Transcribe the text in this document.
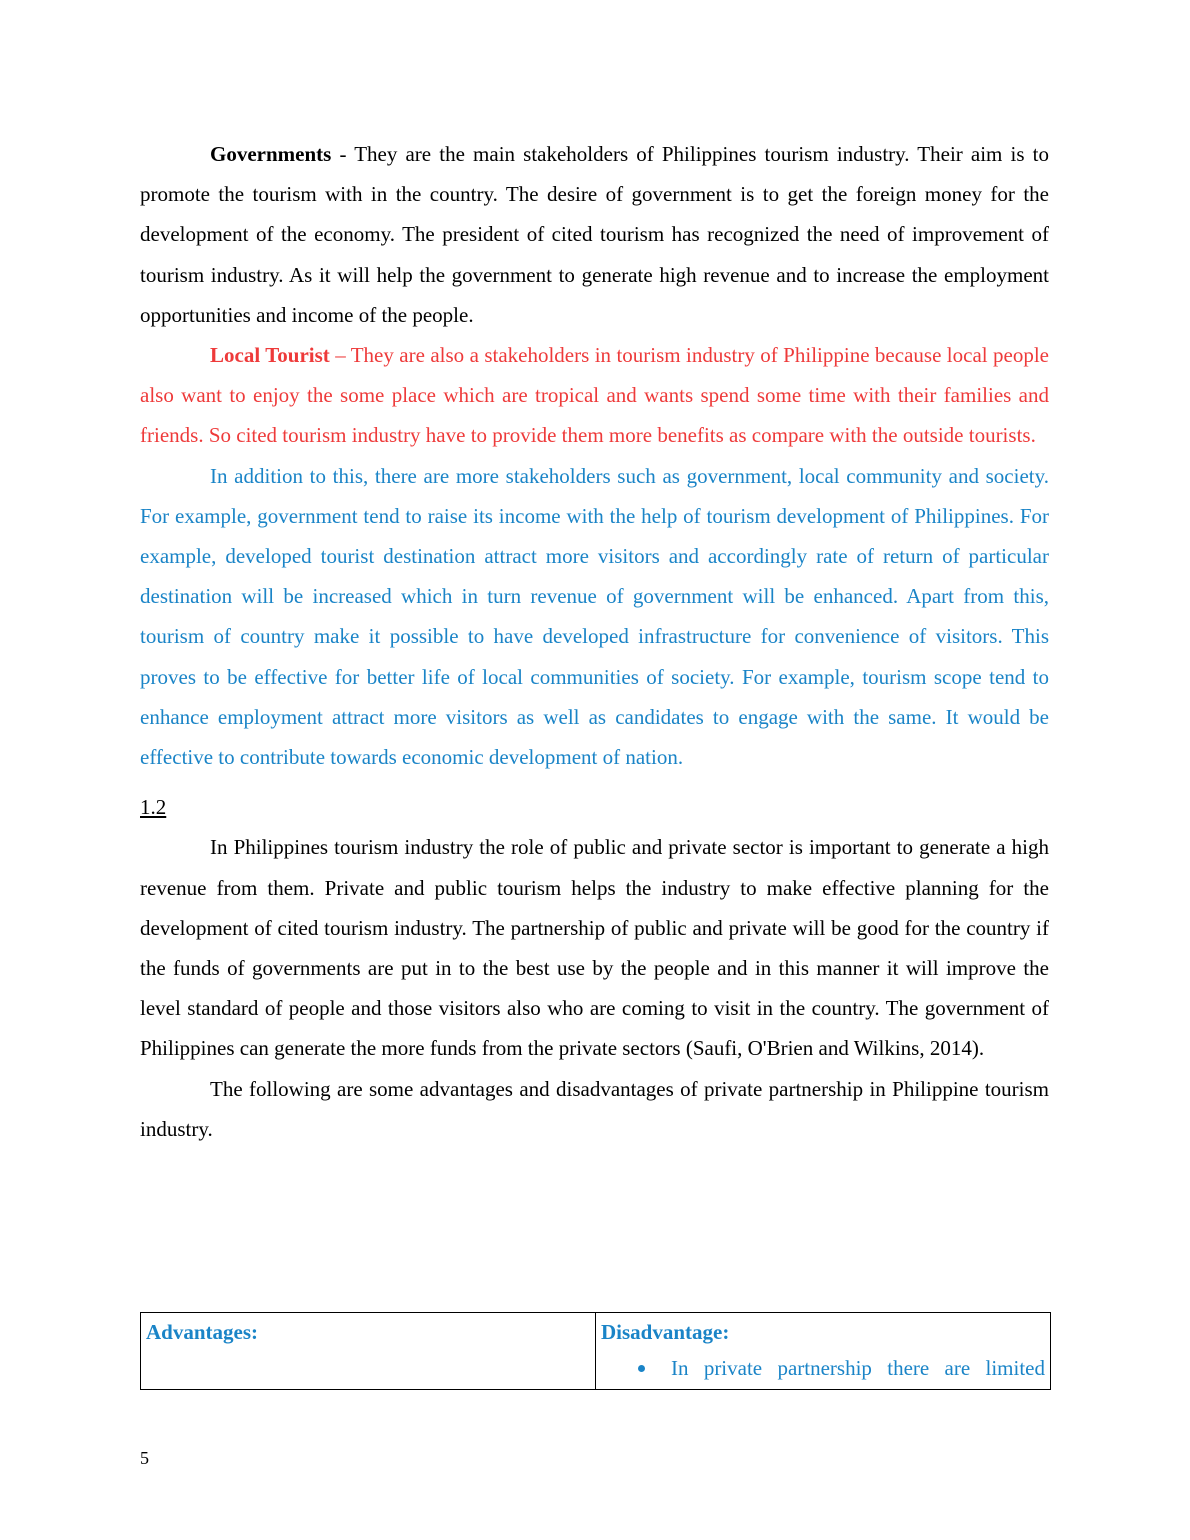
Governments - They are the main stakeholders of Philippines tourism industry. Their aim is to promote the tourism with in the country. The desire of government is to get the foreign money for the development of the economy. The president of cited tourism has recognized the need of improvement of tourism industry. As it will help the government to generate high revenue and to increase the employment opportunities and income of the people.

Local Tourist – They are also a stakeholders in tourism industry of Philippine because local people also want to enjoy the some place which are tropical and wants spend some time with their families and friends. So cited tourism industry have to provide them more benefits as compare with the outside tourists.

In addition to this, there are more stakeholders such as government, local community and society. For example, government tend to raise its income with the help of tourism development of Philippines. For example, developed tourist destination attract more visitors and accordingly rate of return of particular destination will be increased which in turn revenue of government will be enhanced. Apart from this, tourism of country make it possible to have developed infrastructure for convenience of visitors. This proves to be effective for better life of local communities of society. For example, tourism scope tend to enhance employment attract more visitors as well as candidates to engage with the same. It would be effective to contribute towards economic development of nation.

1.2

In Philippines tourism industry the role of public and private sector is important to generate a high revenue from them. Private and public tourism helps the industry to make effective planning for the development of cited tourism industry. The partnership of public and private will be good for the country if the funds of governments are put in to the best use by the people and in this manner it will improve the level standard of people and those visitors also who are coming to visit in the country. The government of Philippines can generate the more funds from the private sectors (Saufi, O'Brien and Wilkins, 2014).

The following are some advantages and disadvantages of private partnership in Philippine tourism industry.

Advantages:	Disadvantage:
In private partnership there are limited
5
